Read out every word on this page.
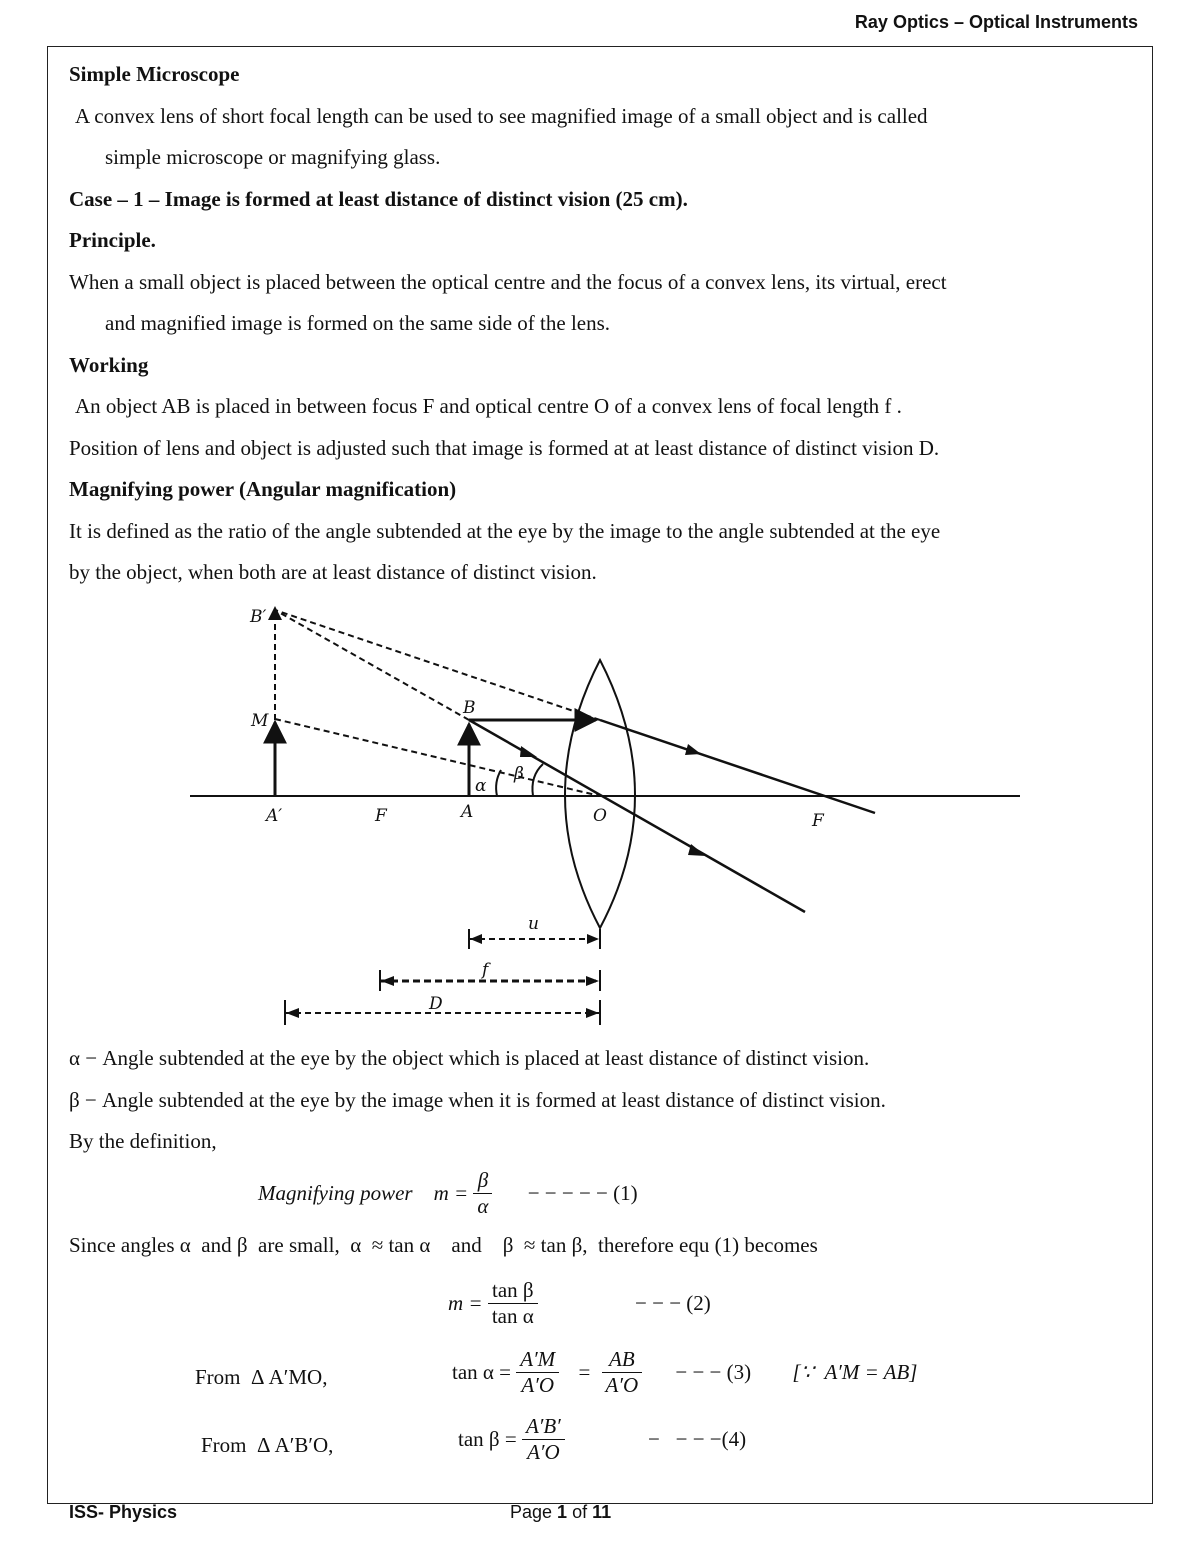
Ray Optics – Optical Instruments
Simple Microscope
A convex lens of short focal length can be used to see magnified image of a small object and is called
simple microscope or magnifying glass.
Case – 1 – Image is formed at least distance of distinct vision (25 cm).
Principle.
When a small object is placed between the optical centre and the focus of a convex lens, its virtual, erect
and magnified image is formed on the same side of the lens.
Working
An object AB is placed in between focus F and optical centre O of a convex lens of focal length f .
Position of lens and object is adjusted such that image is formed at at least distance of distinct vision D.
Magnifying power (Angular magnification)
It is defined as the ratio of the angle subtended at the eye by the image to the angle subtended at the eye
by the object, when both are at least distance of distinct vision.
B′
M
B
A′	F	A	O	F
α
β
u
f
D
α − Angle subtended at the eye by the object which is placed at least distance of distinct vision.
β − Angle subtended at the eye by the image when it is formed at least distance of distinct vision.
By the definition,
Magnifying power    $m = \frac{\beta}{\alpha}$ − − − − − (1)
Since angles α  and β  are small,  α  ≈ tan α    and    β  ≈ tan β,  therefore equ (1) becomes
$m = \frac{\text{tan β}}{\text{tan α}}$	− − − (2)
From  Δ A′MO,	$\tan \alpha = \frac{A'M}{A'O} = \frac{AB}{A'O}$ − − − (3) [∵  A′M = AB]
From  Δ A′B′O,	$\tan \beta = \frac{A'B'}{A'O}$	−   − − −(4)
ISS- Physics	Page 1 of 11
